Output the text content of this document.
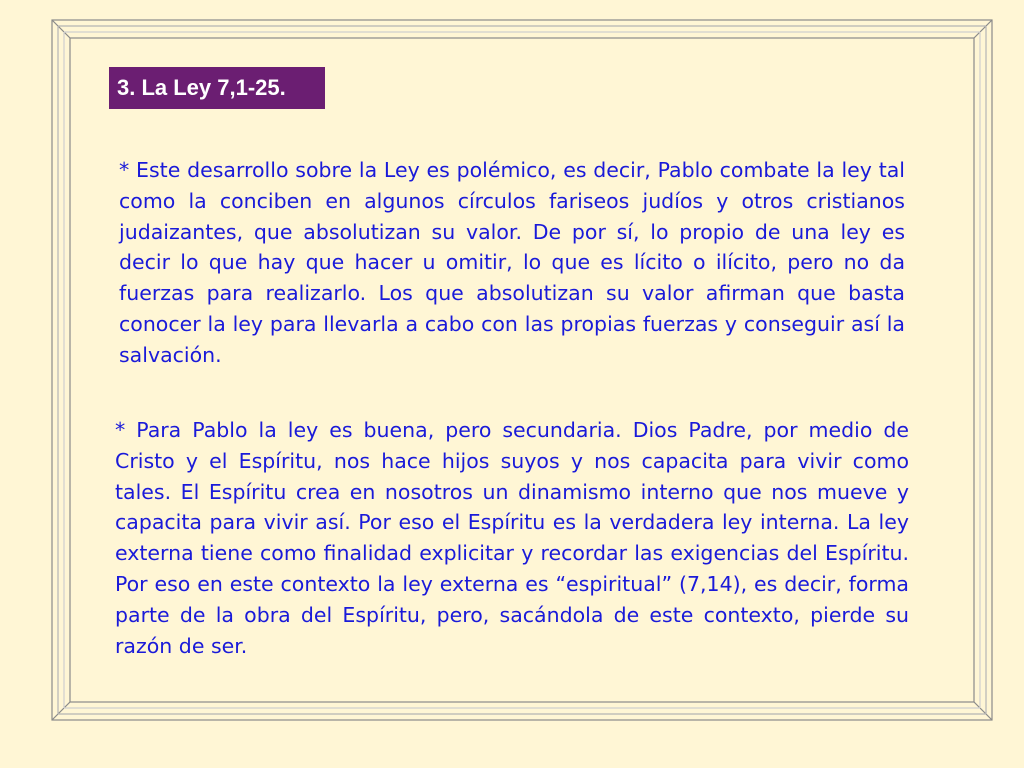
3. La Ley 7,1-25.

* Este desarrollo sobre la Ley es polémico, es decir, Pablo combate la ley tal como la conciben en algunos círculos fariseos judíos y otros cristianos judaizantes, que absolutizan su valor. De por sí, lo propio de una ley es decir lo que hay que hacer u omitir, lo que es lícito o ilícito, pero no da fuerzas para realizarlo. Los que absolutizan su valor afirman que basta conocer la ley para llevarla a cabo con las propias fuerzas y conseguir así la salvación.

* Para Pablo la ley es buena, pero secundaria. Dios Padre, por medio de Cristo y el Espíritu, nos hace hijos suyos y nos capacita para vivir como tales. El Espíritu crea en nosotros un dinamismo interno que nos mueve y capacita para vivir así. Por eso el Espíritu es la verdadera ley interna. La ley externa tiene como finalidad explicitar y recordar las exigencias del Espíritu. Por eso en este contexto la ley externa es “espiritual” (7,14), es decir, forma parte de la obra del Espíritu, pero, sacándola de este contexto, pierde su razón de ser.
